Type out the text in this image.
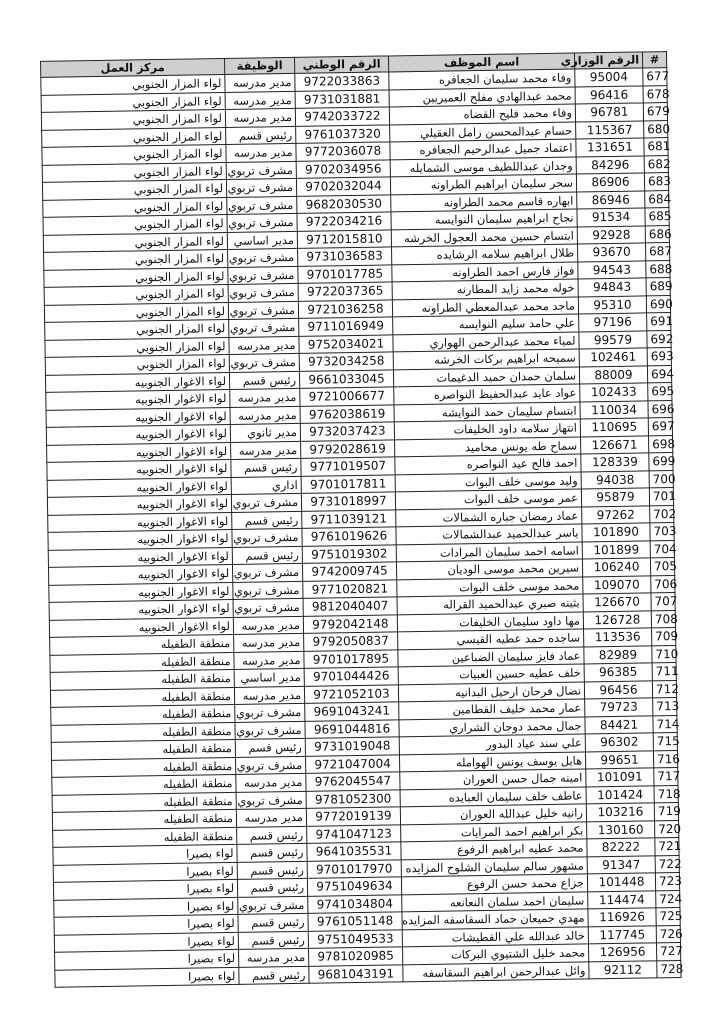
#	الرقم الوزاري	اسم الموظف	الرقم الوطني	الوظيفة	مركز العمل
677	95004	وفاء محمد سليمان الجعافره	9722033863	مدير مدرسه	لواء المزار الجنوبي
678	96416	محمد عبدالهادي مفلح العميريين	9731031881	مدير مدرسه	لواء المزار الجنوبي
679	96781	وفاء محمد فليح القضاه	9742033722	مدير مدرسه	لواء المزار الجنوبي
680	115367	حسام عبدالمحسن زامل العقيلي	9761037320	رئيس قسم	لواء المزار الجنوبي
681	131651	اعتماد جميل عبدالرحيم الجعافره	9772036078	مدير مدرسه	لواء المزار الجنوبي
682	84296	وجدان عبداللطيف موسى الشمايله	9702034956	مشرف تربوي	لواء المزار الجنوبي
683	86906	سحر سليمان ابراهيم الطراونه	9702032044	مشرف تربوي	لواء المزار الجنوبي
684	86946	ابهاره قاسم محمد الطراونه	9682030530	مشرف تربوي	لواء المزار الجنوبي
685	91534	نجاح ابراهيم سليمان النوايسه	9722034216	مشرف تربوي	لواء المزار الجنوبي
686	92928	ابتسام حسين محمد العجول الخرشه	9712015810	مدير اساسي	لواء المزار الجنوبي
687	93670	طلال ابراهيم سلامه الرشايده	9731036583	مشرف تربوي	لواء المزار الجنوبي
688	94543	فواز فارس احمد الطراونه	9701017785	مشرف تربوي	لواء المزار الجنوبي
689	94843	خوله محمد زايد المطارنه	9722037365	مشرف تربوي	لواء المزار الجنوبي
690	95310	ماجد محمد عبدالمعطي الطراونه	9721036258	مشرف تربوي	لواء المزار الجنوبي
691	97196	علي حامد سليم النوايسه	9711016949	مشرف تربوي	لواء المزار الجنوبي
692	99579	لمياء محمد عبدالرحمن الهواري	9752034021	مدير مدرسه	لواء المزار الجنوبي
693	102461	سميحه ابراهيم بركات الخرشه	9732034258	مشرف تربوي	لواء المزار الجنوبي
694	88009	سلمان حمدان حميد الدغيمات	9661033045	رئيس قسم	لواء الاغوار الجنوبيه
695	102433	عواد عايد عبدالحفيظ النواصره	9721006677	مدير مدرسه	لواء الاغوار الجنوبيه
696	110034	ابتسام سليمان حمد النوايشه	9762038619	مدير مدرسه	لواء الاغوار الجنوبيه
697	110695	انتهاز سلامه داود الخليفات	9732037423	مدير ثانوي	لواء الاغوار الجنوبيه
698	126671	سماح طه يونس محاميد	9792028619	مدير مدرسه	لواء الاغوار الجنوبيه
699	128339	احمد فالح عيد النواصره	9771019507	رئيس قسم	لواء الاغوار الجنوبيه
700	94038	وليد موسى خلف البوات	9701017811	اداري	لواء الاغوار الجنوبيه
701	95879	عمر موسى خلف البوات	9731018997	مشرف تربوي	لواء الاغوار الجنوبيه
702	97262	عماد رمضان جباره الشمالات	9711039121	رئيس قسم	لواء الاغوار الجنوبيه
703	101890	ياسر عبدالحميد عبدالشمالات	9761019626	مشرف تربوي	لواء الاغوار الجنوبيه
704	101899	اسامه احمد سليمان المرادات	9751019302	رئيس قسم	لواء الاغوار الجنوبيه
705	106240	سيرين محمد موسى الوديان	9742009745	مشرف تربوي	لواء الاغوار الجنوبيه
706	109070	محمد موسى خلف البوات	9771020821	مشرف تربوي	لواء الاغوار الجنوبيه
707	126670	بثينه صبري عبدالحميد القراله	9812040407	مشرف تربوي	لواء الاغوار الجنوبيه
708	126728	مها داود سليمان الخليفات	9792042148	مدير مدرسه	لواء الاغوار الجنوبيه
709	113536	ساجده حمد عطيه القيسي	9792050837	مدير مدرسه	منطقة الطفيله
710	82989	عماد فايز سليمان الضباعين	9701017895	مدير مدرسه	منطقة الطفيله
711	96385	خلف عطيه حسين العبيات	9701044426	مدير اساسي	منطقة الطفيله
712	96456	نضال فرحان ارحيل البدانيه	9721052103	مدير مدرسه	منطقة الطفيله
713	79723	عمار محمد خليف القطامين	9691043241	مشرف تربوي	منطقة الطفيله
714	84421	جمال محمد دوجان الشراري	9691044816	مشرف تربوي	منطقة الطفيله
715	96302	علي سند عياد البدور	9731019048	رئيس قسم	منطقة الطفيله
716	99651	هايل يوسف يونس الهوامله	9721047004	مشرف تربوي	منطقة الطفيله
717	101091	امينه جمال حسن العوران	9762045547	مدير مدرسه	منطقة الطفيله
718	101424	عاطف خلف سليمان العبايده	9781052300	مشرف تربوي	منطقة الطفيله
719	103216	رانيه خليل عبدالله العوران	9772019139	مدير مدرسه	منطقة الطفيله
720	130160	بكر ابراهيم احمد المرايات	9741047123	رئيس قسم	منطقة الطفيله
721	82222	محمد عطيه ابراهيم الرفوع	9641035531	رئيس قسم	لواء بصيرا
722	91347	مشهور سالم سليمان الشلوح المزايده	9701017970	رئيس قسم	لواء بصيرا
723	101448	جزاع محمد حسن الرفوع	9751049634	رئيس قسم	لواء بصيرا
724	114474	سليمان احمد سلمان النعانعه	9741034804	مشرف تربوي	لواء بصيرا
725	116926	مهدي جميعان حماد السقاسفه المزايده	9761051148	رئيس قسم	لواء بصيرا
726	117745	خالد عبدالله علي القطيشات	9751049533	رئيس قسم	لواء بصيرا
727	126956	محمد خليل الشتيوي البركات	9781020985	مدير مدرسه	لواء بصيرا
728	92112	وائل عبدالرحمن ابراهيم السقاسفه	9681043191	رئيس قسم	لواء بصيرا
